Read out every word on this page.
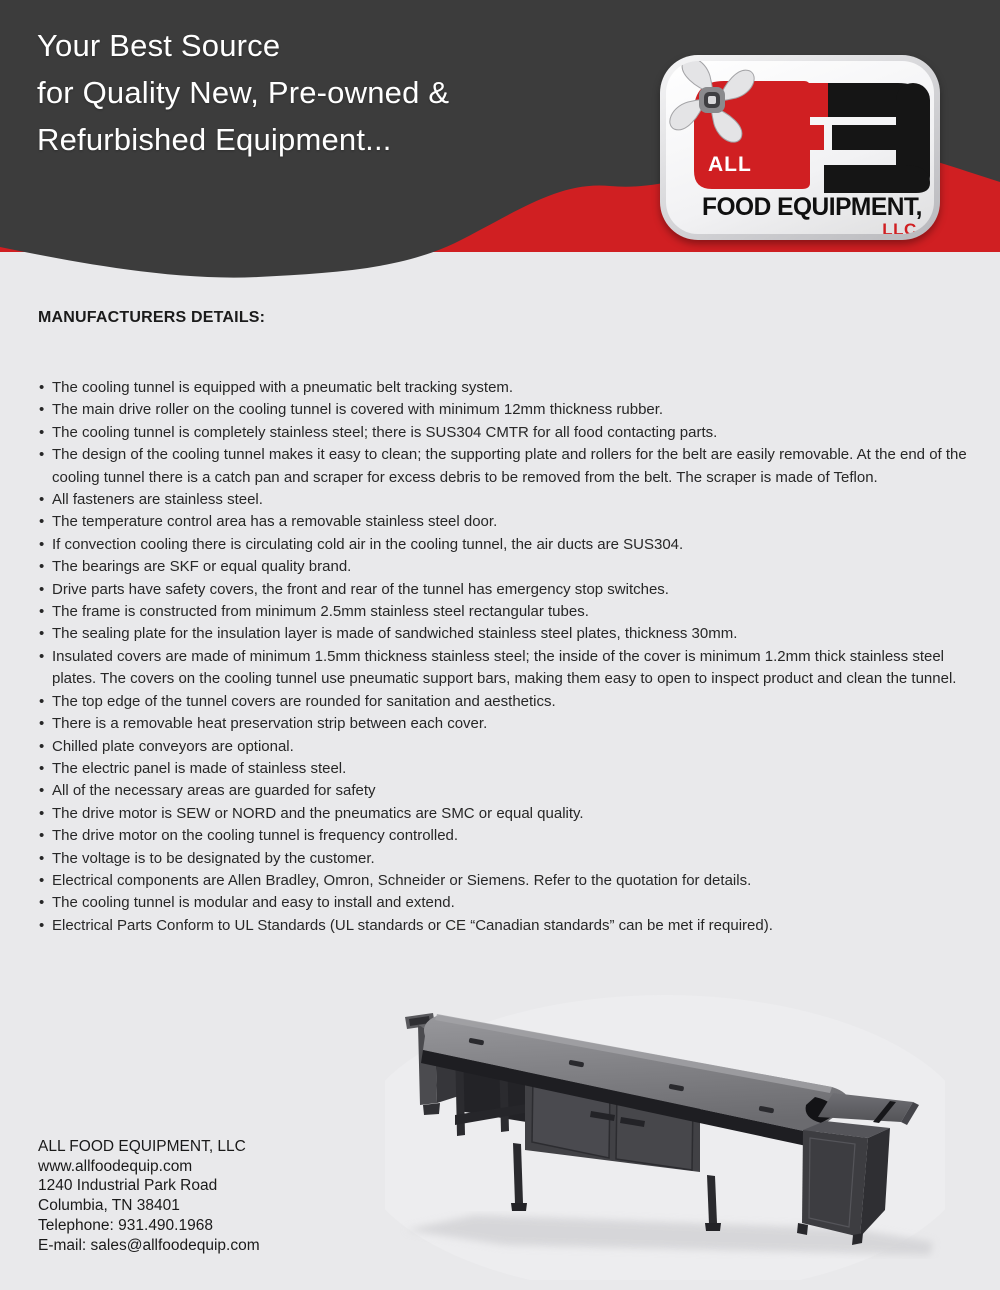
Your Best Source
for Quality New, Pre-owned &
Refurbished Equipment...
ALL
FOOD EQUIPMENT,
LLC.
MANUFACTURERS DETAILS:
• The cooling tunnel is equipped with a pneumatic belt tracking system.
• The main drive roller on the cooling tunnel is covered with minimum 12mm thickness rubber.
• The cooling tunnel is completely stainless steel; there is SUS304 CMTR for all food contacting parts.
• The design of the cooling tunnel makes it easy to clean; the supporting plate and rollers for the belt are easily removable. At the end of the cooling tunnel there is a catch pan and scraper for excess debris to be removed from the belt. The scraper is made of Teflon.
• All fasteners are stainless steel.
• The temperature control area has a removable stainless steel door.
• If convection cooling there is circulating cold air in the cooling tunnel, the air ducts are SUS304.
• The bearings are SKF or equal quality brand.
• Drive parts have safety covers, the front and rear of the tunnel has emergency stop switches.
• The frame is constructed from minimum 2.5mm stainless steel rectangular tubes.
• The sealing plate for the insulation layer is made of sandwiched stainless steel plates, thickness 30mm.
• Insulated covers are made of minimum 1.5mm thickness stainless steel; the inside of the cover is minimum 1.2mm thick stainless steel plates. The covers on the cooling tunnel use pneumatic support bars, making them easy to open to inspect product and clean the tunnel.
• The top edge of the tunnel covers are rounded for sanitation and aesthetics.
• There is a removable heat preservation strip between each cover.
• Chilled plate conveyors are optional.
• The electric panel is made of stainless steel.
• All of the necessary areas are guarded for safety
• The drive motor is SEW or NORD and the pneumatics are SMC or equal quality.
• The drive motor on the cooling tunnel is frequency controlled.
• The voltage is to be designated by the customer.
• Electrical components are Allen Bradley, Omron, Schneider or Siemens. Refer to the quotation for details.
• The cooling tunnel is modular and easy to install and extend.
• Electrical Parts Conform to UL Standards (UL standards or CE “Canadian standards” can be met if required).
ALL FOOD EQUIPMENT, LLC
www.allfoodequip.com
1240 Industrial Park Road
Columbia, TN 38401
Telephone: 931.490.1968
E-mail: sales@allfoodequip.com
